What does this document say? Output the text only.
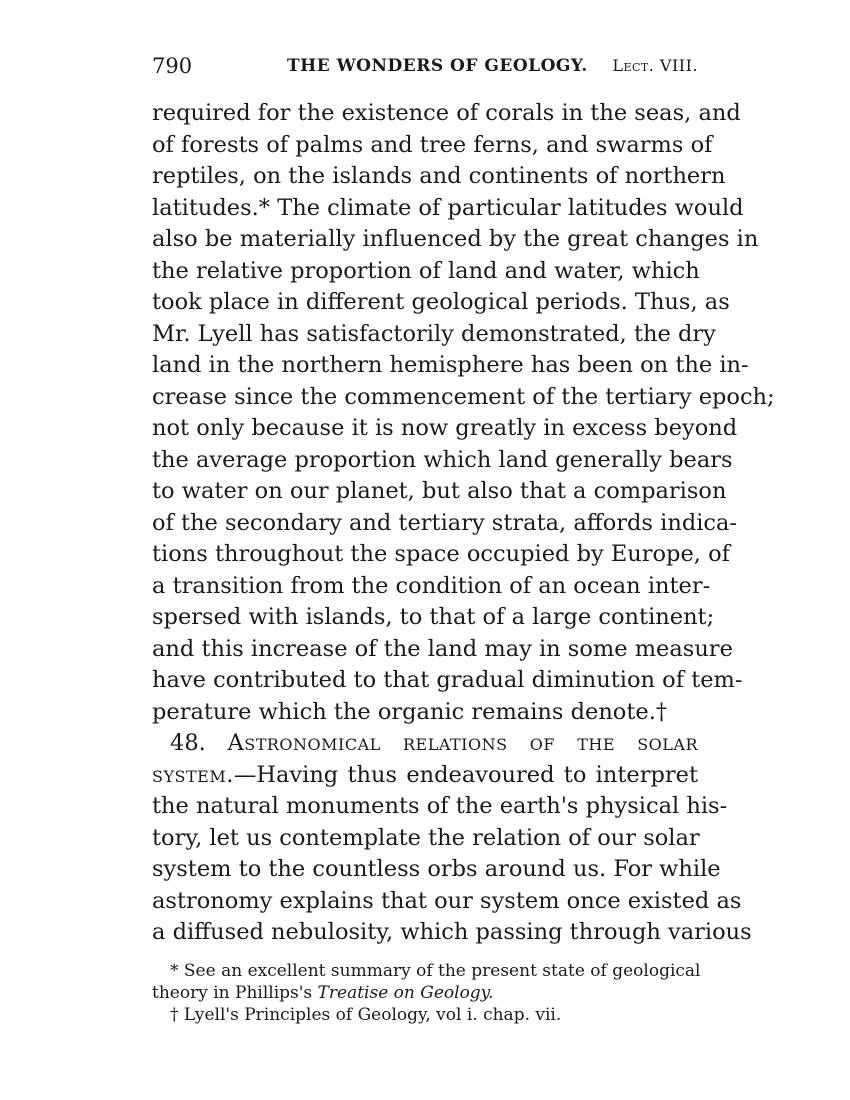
790	THE WONDERS OF GEOLOGY. Lect. VIII.
required for the existence of corals in the seas, and
of forests of palms and tree ferns, and swarms of
reptiles, on the islands and continents of northern
latitudes.* The climate of particular latitudes would
also be materially influenced by the great changes in
the relative proportion of land and water, which
took place in different geological periods. Thus, as
Mr. Lyell has satisfactorily demonstrated, the dry
land in the northern hemisphere has been on the in-
crease since the commencement of the tertiary epoch;
not only because it is now greatly in excess beyond
the average proportion which land generally bears
to water on our planet, but also that a comparison
of the secondary and tertiary strata, affords indica-
tions throughout the space occupied by Europe, of
a transition from the condition of an ocean inter-
spersed with islands, to that of a large continent;
and this increase of the land may in some measure
have contributed to that gradual diminution of tem-
perature which the organic remains denote.†
48. Astronomical relations of the solar
system.—Having thus endeavoured to interpret
the natural monuments of the earth's physical his-
tory, let us contemplate the relation of our solar
system to the countless orbs around us. For while
astronomy explains that our system once existed as
a diffused nebulosity, which passing through various
* See an excellent summary of the present state of geological
theory in Phillips's Treatise on Geology.
† Lyell's Principles of Geology, vol i. chap. vii.
